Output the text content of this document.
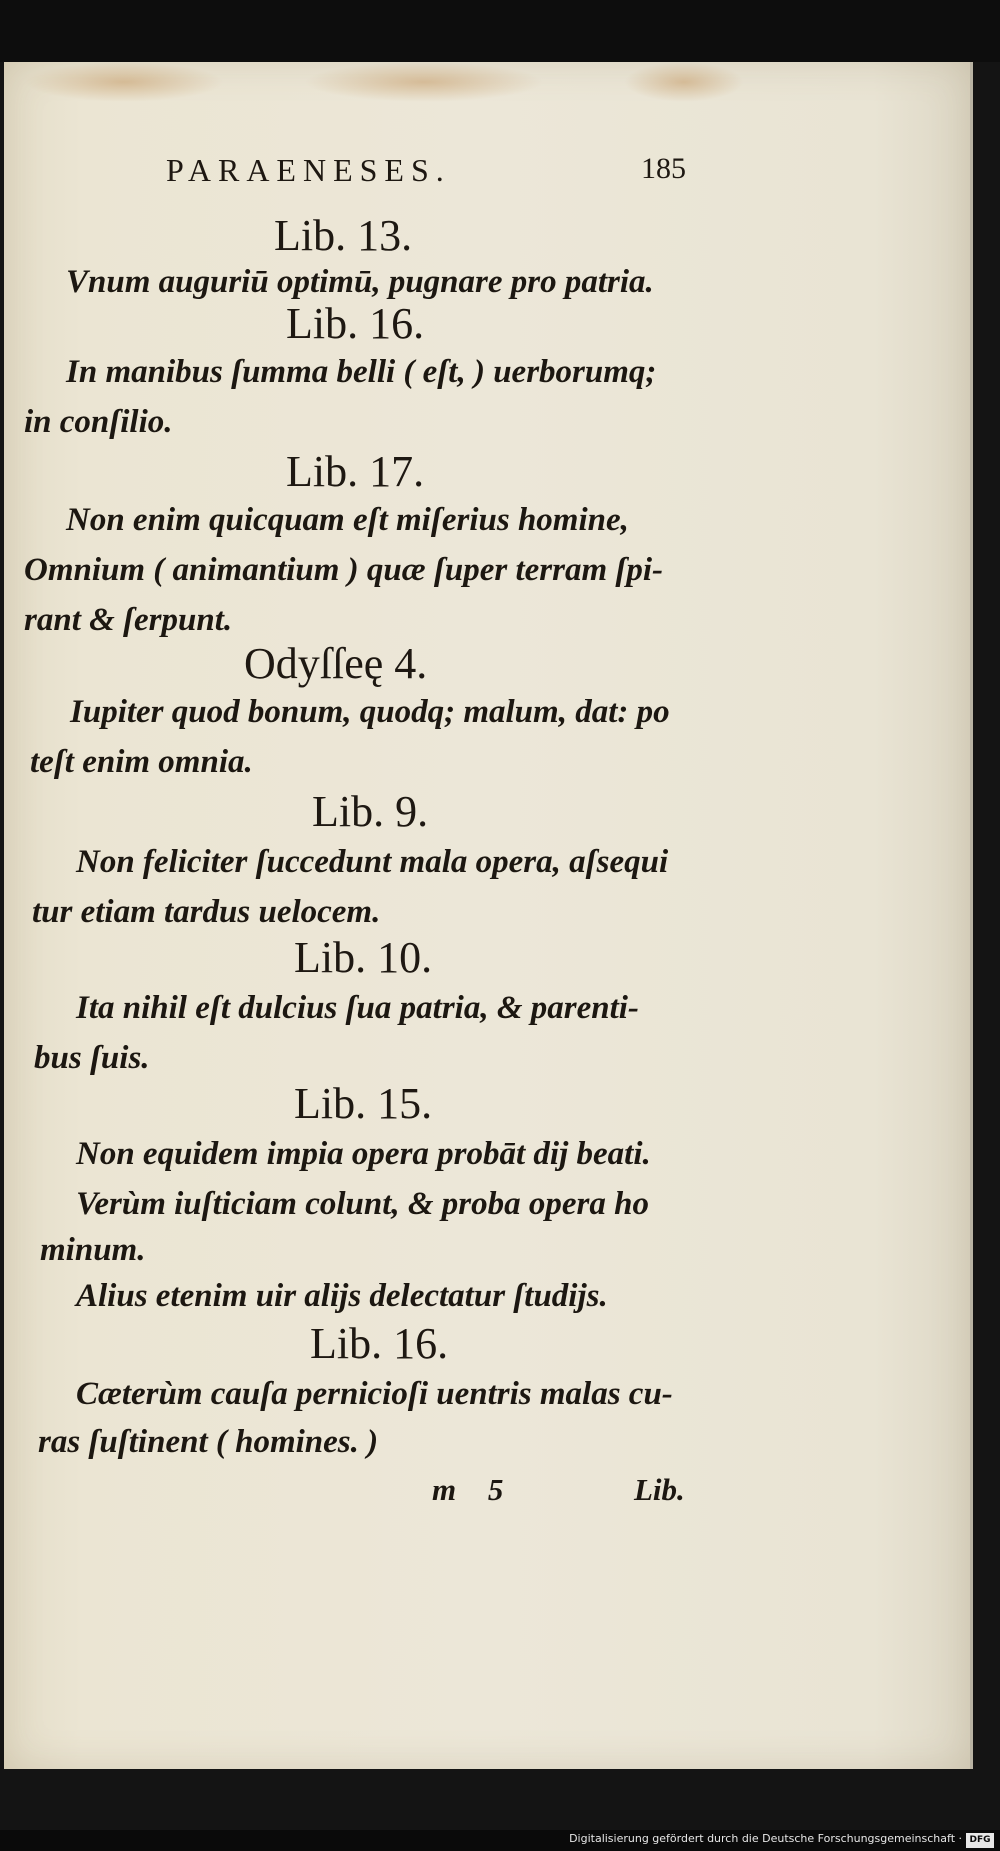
PARAENESES.	185
Lib. 13.
Vnum auguriū optimū, pugnare pro patria.
Lib. 16.
In manibus ſumma belli ( eſt, ) uerborumq;
in conſilio.
Lib. 17.
Non enim quicquam eſt miſerius homine,
Omnium ( animantium ) quæ ſuper terram ſpi-
rant & ſerpunt.
Odyſſeę 4.
Iupiter quod bonum, quodq; malum, dat: po
teſt enim omnia.
Lib. 9.
Non feliciter ſuccedunt mala opera, aſsequi
tur etiam tardus uelocem.
Lib. 10.
Ita nihil eſt dulcius ſua patria, & parenti-
bus ſuis.
Lib. 15.
Non equidem impia opera probāt dij beati.
Verùm iuſticiam colunt, & proba opera ho
minum.
Alius etenim uir alijs delectatur ſtudijs.
Lib. 16.
Cæterùm cauſa pernicioſi uentris malas cu-
ras ſuſtinent ( homines. )
m 5	Lib.
Digitalisierung gefördert durch die Deutsche Forschungsgemeinschaft · DFG
